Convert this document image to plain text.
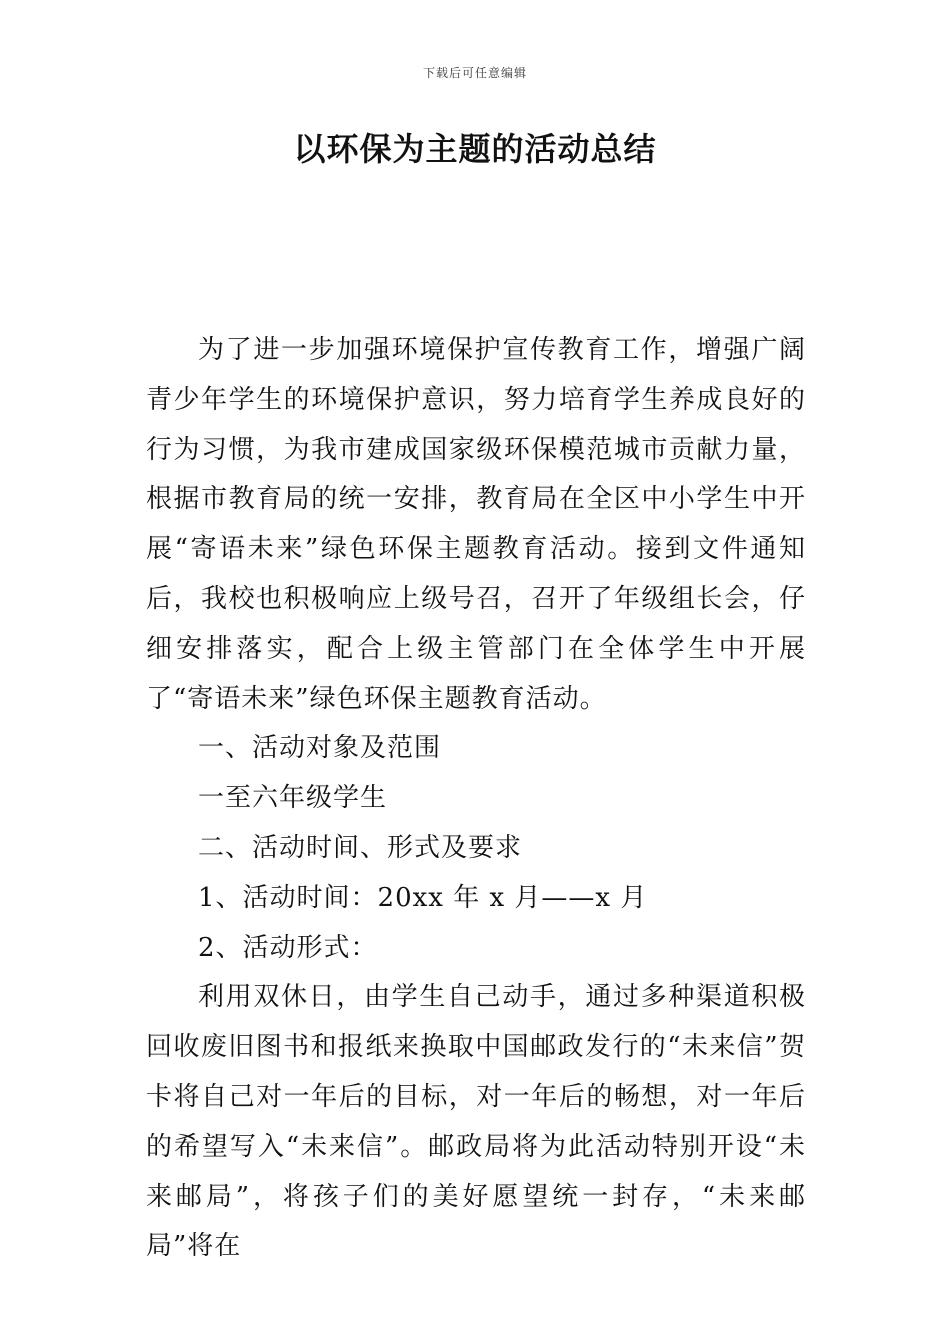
下载后可任意编辑
以环保为主题的活动总结

为了进一步加强环境保护宣传教育工作，增强广阔青少年学生的环境保护意识，努力培育学生养成良好的行为习惯，为我市建成国家级环保模范城市贡献力量，根据市教育局的统一安排，教育局在全区中小学生中开展“寄语未来”绿色环保主题教育活动。接到文件通知后，我校也积极响应上级号召，召开了年级组长会，仔细安排落实，配合上级主管部门在全体学生中开展了“寄语未来”绿色环保主题教育活动。

一、活动对象及范围

一至六年级学生

二、活动时间、形式及要求

1、活动时间：20xx 年 x 月——x 月

2、活动形式：

利用双休日，由学生自己动手，通过多种渠道积极回收废旧图书和报纸来换取中国邮政发行的“未来信”贺卡将自己对一年后的目标，对一年后的畅想，对一年后的希望写入“未来信”。邮政局将为此活动特别开设“未来邮局”，将孩子们的美好愿望统一封存，“未来邮局”将在
